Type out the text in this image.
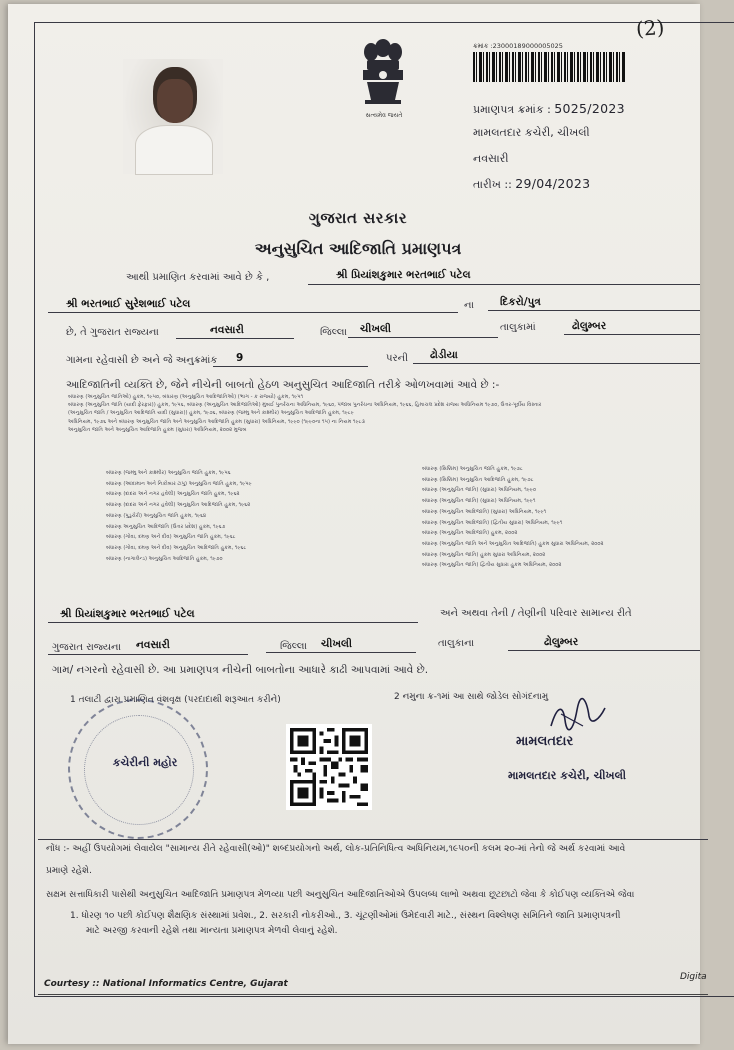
(2)
સત્યમેવ જયતે
ક્રમાંક :23000189000005025
પ્રમાણપત્ર ક્રમાંક : 5025/2023
મામલતદાર કચેરી, ચીખલી
નવસારી
તારીખ :: 29/04/2023
ગુજરાત સરકાર
અનુસુચિત આદિજાતિ પ્રમાણપત્ર
આથી પ્રમાણિત કરવામાં આવે છે કે ,	શ્રી પ્રિયાંશકુમાર ભરતભાઈ પટેલ
શ્રી ભરતભાઈ સુરેશભાઈ પટેલ	ના દિકરો/પુત્ર
છે, તે ગુજરાત રાજ્યના	નવસારી	જિલ્લા ચીખલી	તાલુકામાં	ઢોલુમ્બર
ગામના રહેવાસી છે અને જે અનુક્રમાંક 9	પરની ઢોડીયા
આદિજાતિની વ્યક્તિ છે, જેને નીચેની બાબતો હેઠળ અનુસુચિત આદિજાતિ તરીકે ઓળખવામાં આવે છે :-
બંધારણ (અનુસુચિત જાતિઓ) હુકમ, ૧૯૫૦, બંધારણ (અનુસુચિત આદિજાતિઓ) (ભાગ - ક રાજ્યો) હુકમ, ૧૯૫૧
બંધારણ (અનુસુચિત જાતિ (યાદી ફેરફાર)) હુકમ, ૧૯૫૬, બંધારણ (અનુસુચિત આદિજાતિઓ) મુંબઈ પુનર્રચના અધિનિયમ, ૧૯૬૦, પંજાબ પુનર્રચના અધિનિયમ, ૧૯૬૬, હિમાચલ પ્રદેશ રાજ્ય અધિનિયમ ૧૯૭૦, ઉત્તર-પૂર્વીય વિસ્તાર
(અનુસુચિત જાતિ / અનુસુચિત આદિજાતિ યાદી (સુધારા)) હુકમ, ૧૯૭૬, બંધારણ (જમ્મુ અને કાશ્મીર) અનુસુચિત આદિજાતિ હુકમ, ૧૯૮૯
અધિનિયમ, ૧૯૭૬ અને બંધારણ અનુસુચિત જાતિ અને અનુસુચિત આદિજાતિ હુકમ (સુધારા) અધિનિયમ, ૧૯૯૦ (૧૯૯૦ના ૧૫) ના નિયમ ૧૯૮૩
અનુસુચિત જાતિ અને અનુસુચિત આદિજાતિ હુકમ (સુધારા) અધિનિયમ, ૨૦૦૨ મુજબ
બંધારણ (જમ્મુ અને કાશ્મીર) અનુસુચિત જાતિ હુકમ, ૧૯૫૬
બંધારણ (આંદામાન અને નિકોબાર ટાપુ) અનુસુચિત જાતિ હુકમ, ૧૯૫૯
બંધારણ (દાદરા અને નગર હવેલી) અનુસુચિત જાતિ હુકમ, ૧૯૬૨
બંધારણ (દાદરા અને નગર હવેલી) અનુસુચિત આદિજાતિ હુકમ, ૧૯૬૨
બંધારણ (પુડુચેરી) અનુસુચિત જાતિ હુકમ, ૧૯૬૪
બંધારણ અનુસુચિત આદિજાતિ (ઉત્તર પ્રદેશ) હુકમ, ૧૯૬૭
બંધારણ (ગોવા, દમણ અને દીવ) અનુસુચિત જાતિ હુકમ, ૧૯૬૮
બંધારણ (ગોવા, દમણ અને દીવ) અનુસુચિત આદિજાતિ હુકમ, ૧૯૬૮
બંધારણ (નાગાલેન્ડ) અનુસુચિત આદિજાતિ હુકમ, ૧૯૭૦
બંધારણ (સિક્કિમ) અનુસુચિત જાતિ હુકમ, ૧૯૭૮
બંધારણ (સિક્કિમ) અનુસુચિત આદિજાતિ હુકમ, ૧૯૭૮
બંધારણ (અનુસુચિત જાતિ) (સુધારા) અધિનિયમ, ૧૯૯૦
બંધારણ (અનુસુચિત જાતિ) (સુધારા) અધિનિયમ, ૧૯૯૧
બંધારણ (અનુસુચિત આદિજાતિ) (સુધારા) અધિનિયમ, ૧૯૯૧
બંધારણ (અનુસુચિત આદિજાતિ) (દ્વિતીય સુધારા) અધિનિયમ, ૧૯૯૧
બંધારણ (અનુસુચિત આદિજાતિ) હુકમ, ૨૦૦૨
બંધારણ (અનુસુચિત જાતિ અને અનુસુચિત આદિજાતિ) હુકમ સુધારા અધિનિયમ, ૨૦૦૨
બંધારણ (અનુસુચિત જાતિ) હુકમ સુધારા અધિનિયમ, ૨૦૦૨
બંધારણ (અનુસુચિત જાતિ) દ્વિતીય સુધારા હુકમ અધિનિયમ, ૨૦૦૨
શ્રી પ્રિયાંશકુમાર ભરતભાઈ પટેલ	અને અથવા તેની / તેણીની પરિવાર સામાન્ય રીતે
ગુજરાત રાજ્યના નવસારી	જિલ્લા ચીખલી	તાલુકાના	ઢોલુમ્બર
ગામ/ નગરનો રહેવાસી છે. આ પ્રમાણપત્ર નીચેની બાબતોના આધારે કાઢી આપવામાં આવે છે.
1 તલાટી દ્વારા પ્રમાણિત વંશવૃક્ષ (પરદાદાથી શરૂઆત કરીને)	2 નમુના ક્ર-૧માં આ સાથે જોડેલ સોગંદનામુ
કચેરીની મહોર
મામલતદાર
મામલતદાર કચેરી, ચીખલી
નોંધ :- અહીં ઉપયોગમાં લેવાયેલ "સામાન્ય રીતે રહેવાસી(ઓ)" શબ્દપ્રયોગનો અર્થ, લોક-પ્રતિનિધિત્વ અધિનિયમ,૧૯૫૦ની કલમ ૨૦-માં તેનો જે અર્થ કરવામાં આવે
પ્રમાણે રહેશે.
સક્ષમ સત્તાધિકારી પાસેથી અનુસુચિત આદિજાતિ પ્રમાણપત્ર મેળવ્યા પછી અનુસુચિત આદિજાતિઓએ ઉપલબ્ધ લાભો અથવા છૂટછાટો જેવા કે કોઈપણ વ્યક્તિએ જેવા
1. ધોરણ ૧૦ પછી કોઈપણ શૈક્ષણિક સંસ્થામાં પ્રવેશ., 2. સરકારી નોકરીઓ., 3. ચૂંટણીઓમાં ઉમેદવારી માટે., સંસ્થન વિશ્લેષણ સમિતિને જાતિ પ્રમાણપત્રની
માટે અરજી કરવાની રહેશે તથા માન્યતા પ્રમાણપત્ર મેળવી લેવાનું રહેશે.
Courtesy :: National Informatics Centre, Gujarat
Digita
